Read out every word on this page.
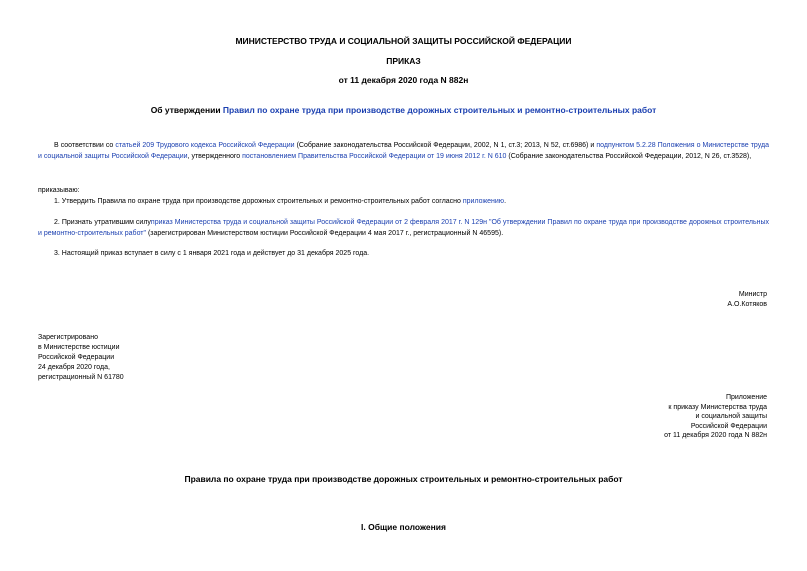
МИНИСТЕРСТВО ТРУДА И СОЦИАЛЬНОЙ ЗАЩИТЫ РОССИЙСКОЙ ФЕДЕРАЦИИ
ПРИКАЗ
от 11 декабря 2020 года N 882н
Об утверждении Правил по охране труда при производстве дорожных строительных и ремонтно-строительных работ
В соответствии со статьей 209 Трудового кодекса Российской Федерации (Собрание законодательства Российской Федерации, 2002, N 1, ст.3; 2013, N 52, ст.6986) и подпунктом 5.2.28 Положения о Министерстве труда и социальной защиты Российской Федерации, утвержденного постановлением Правительства Российской Федерации от 19 июня 2012 г. N 610 (Собрание законодательства Российской Федерации, 2012, N 26, ст.3528),
приказываю:
1. Утвердить Правила по охране труда при производстве дорожных строительных и ремонтно-строительных работ согласно приложению.
2. Признать утратившим силуприказ Министерства труда и социальной защиты Российской Федерации от 2 февраля 2017 г. N 129н "Об утверждении Правил по охране труда при производстве дорожных строительных и ремонтно-строительных работ" (зарегистрирован Министерством юстиции Российской Федерации 4 мая 2017 г., регистрационный N 46595).
3. Настоящий приказ вступает в силу с 1 января 2021 года и действует до 31 декабря 2025 года.
Министр
А.О.Котяков
Зарегистрировано
в Министерстве юстиции
Российской Федерации
24 декабря 2020 года,
регистрационный N 61780
Приложение
к приказу Министерства труда
и социальной защиты
Российской Федерации
от 11 декабря 2020 года N 882н
Правила по охране труда при производстве дорожных строительных и ремонтно-строительных работ
I. Общие положения
